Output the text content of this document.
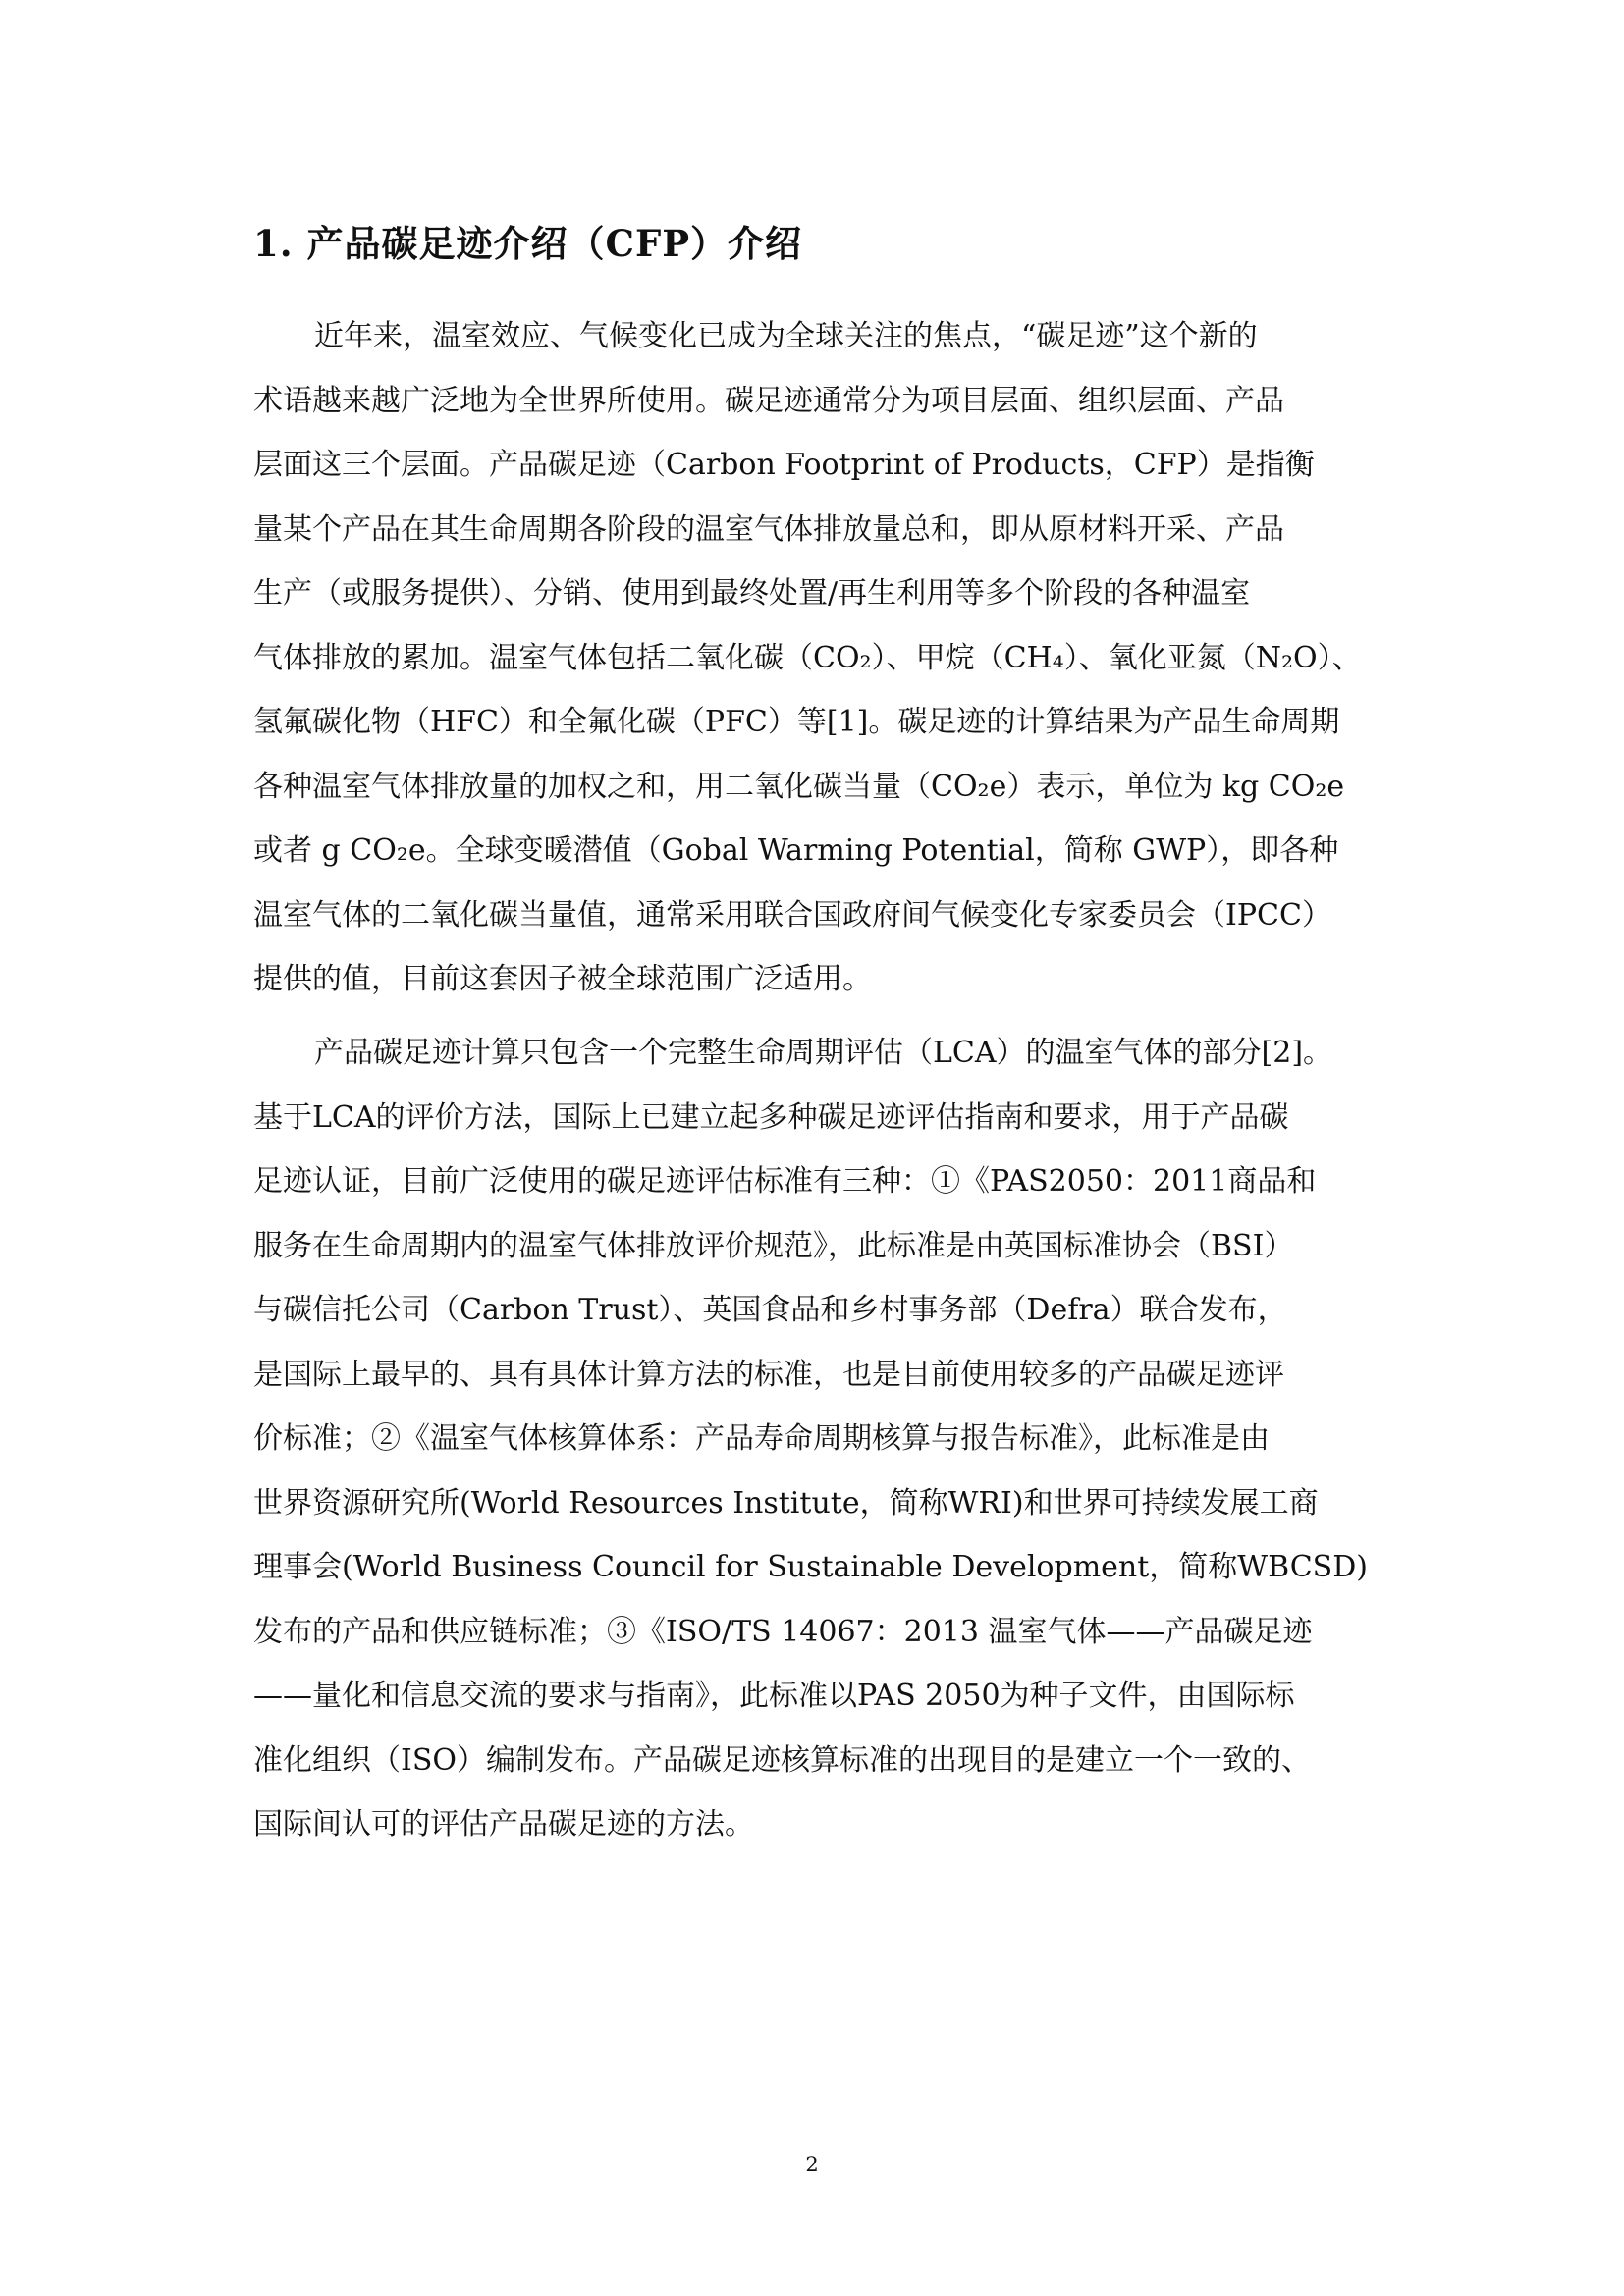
1. 产品碳足迹介绍（CFP）介绍
近年来，温室效应、气候变化已成为全球关注的焦点，“碳足迹”这个新的
术语越来越广泛地为全世界所使用。碳足迹通常分为项目层面、组织层面、产品
层面这三个层面。产品碳足迹（Carbon Footprint of Products，CFP）是指衡
量某个产品在其生命周期各阶段的温室气体排放量总和，即从原材料开采、产品
生产（或服务提供）、分销、使用到最终处置/再生利用等多个阶段的各种温室
气体排放的累加。温室气体包括二氧化碳（CO₂）、甲烷（CH₄）、氧化亚氮（N₂O）、
氢氟碳化物（HFC）和全氟化碳（PFC）等[1]。碳足迹的计算结果为产品生命周期
各种温室气体排放量的加权之和，用二氧化碳当量（CO₂e）表示，单位为 kg CO₂e
或者 g CO₂e。全球变暖潜值（Gobal Warming Potential，简称 GWP），即各种
温室气体的二氧化碳当量值，通常采用联合国政府间气候变化专家委员会（IPCC）
提供的值，目前这套因子被全球范围广泛适用。
产品碳足迹计算只包含一个完整生命周期评估（LCA）的温室气体的部分[2]。
基于LCA的评价方法，国际上已建立起多种碳足迹评估指南和要求，用于产品碳
足迹认证，目前广泛使用的碳足迹评估标准有三种：①《PAS2050：2011商品和
服务在生命周期内的温室气体排放评价规范》，此标准是由英国标准协会（BSI）
与碳信托公司（Carbon Trust）、英国食品和乡村事务部（Defra）联合发布，
是国际上最早的、具有具体计算方法的标准，也是目前使用较多的产品碳足迹评
价标准；②《温室气体核算体系：产品寿命周期核算与报告标准》，此标准是由
世界资源研究所(World Resources Institute，简称WRI)和世界可持续发展工商
理事会(World Business Council for Sustainable Development，简称WBCSD)
发布的产品和供应链标准；③《ISO/TS 14067：2013 温室气体——产品碳足迹
——量化和信息交流的要求与指南》，此标准以PAS 2050为种子文件，由国际标
准化组织（ISO）编制发布。产品碳足迹核算标准的出现目的是建立一个一致的、
国际间认可的评估产品碳足迹的方法。
2
